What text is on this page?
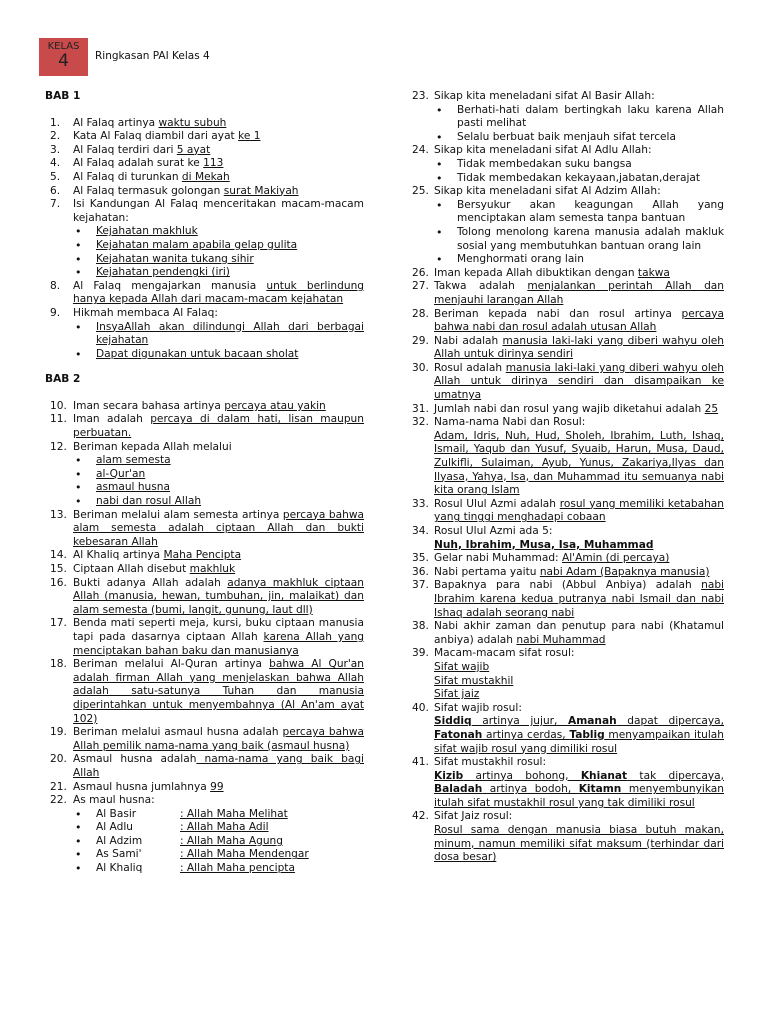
KELAS
4	Ringkasan PAI Kelas 4
BAB 1
1.	Al Falaq artinya waktu subuh
2.	Kata Al Falaq diambil dari ayat ke 1
3.	Al Falaq terdiri dari 5 ayat
4.	Al Falaq adalah surat ke 113
5.	Al Falaq di turunkan di Mekah
6.	Al Falaq termasuk golongan surat Makiyah
7.	Isi Kandungan Al Falaq menceritakan macam-macam kejahatan:
• Kejahatan makhluk
• Kejahatan malam apabila gelap gulita
• Kejahatan wanita tukang sihir
• Kejahatan pendengki (iri)
8.	Al Falaq mengajarkan manusia untuk berlindung hanya kepada Allah dari macam-macam kejahatan
9.	Hikmah membaca Al Falaq:
• InsyaAllah akan dilindungi Allah dari berbagai kejahatan
• Dapat digunakan untuk bacaan sholat
BAB 2
10. Iman secara bahasa artinya percaya atau yakin
11. Iman adalah percaya di dalam hati, lisan maupun perbuatan.
12. Beriman kepada Allah melalui
• alam semesta
• al-Qur'an
• asmaul husna
• nabi dan rosul Allah
13. Beriman melalui alam semesta artinya percaya bahwa alam semesta adalah ciptaan Allah dan bukti kebesaran Allah
14. Al Khaliq artinya Maha Pencipta
15. Ciptaan Allah disebut makhluk
16. Bukti adanya Allah adalah adanya makhluk ciptaan Allah (manusia, hewan, tumbuhan, jin, malaikat) dan alam semesta (bumi, langit, gunung, laut dll)
17. Benda mati seperti meja, kursi, buku ciptaan manusia tapi pada dasarnya ciptaan Allah karena Allah yang menciptakan bahan baku dan manusianya
18. Beriman melalui Al-Quran artinya bahwa Al Qur'an adalah firman Allah yang menjelaskan bahwa Allah adalah satu-satunya Tuhan dan manusia diperintahkan untuk menyembahnya (Al An'am ayat 102)
19. Beriman melalui asmaul husna adalah percaya bahwa Allah pemilik nama-nama yang baik (asmaul husna)
20. Asmaul husna adalah nama-nama yang baik bagi Allah
21. Asmaul husna jumlahnya 99
22. As maul husna:
• Al Basir	: Allah Maha Melihat
• Al Adlu	: Allah Maha Adil
• Al Adzim	: Allah Maha Agung
• As Sami'	: Allah Maha Mendengar
• Al Khaliq	: Allah Maha pencipta
23. Sikap kita meneladani sifat Al Basir Allah:
• Berhati-hati dalam bertingkah laku karena Allah pasti melihat
• Selalu berbuat baik menjauh sifat tercela
24. Sikap kita meneladani sifat Al Adlu Allah:
• Tidak membedakan suku bangsa
• Tidak membedakan kekayaan,jabatan,derajat
25. Sikap kita meneladani sifat Al Adzim Allah:
• Bersyukur akan keagungan Allah yang menciptakan alam semesta tanpa bantuan
• Tolong menolong karena manusia adalah makluk sosial yang membutuhkan bantuan orang lain
• Menghormati orang lain
26. Iman kepada Allah dibuktikan dengan takwa
27. Takwa adalah menjalankan perintah Allah dan menjauhi larangan Allah
28. Beriman kepada nabi dan rosul artinya percaya bahwa nabi dan rosul adalah utusan Allah
29. Nabi adalah manusia laki-laki yang diberi wahyu oleh Allah untuk dirinya sendiri
30. Rosul adalah manusia laki-laki yang diberi wahyu oleh Allah untuk dirinya sendiri dan disampaikan ke umatnya
31. Jumlah nabi dan rosul yang wajib diketahui adalah 25
32. Nama-nama Nabi dan Rosul:
Adam, Idris, Nuh, Hud, Sholeh, Ibrahim, Luth, Ishaq, Ismail, Yaqub dan Yusuf, Syuaib, Harun, Musa, Daud, Zulkifli, Sulaiman, Ayub, Yunus, Zakariya,Ilyas dan Ilyasa, Yahya, Isa, dan Muhammad itu semuanya nabi kita orang Islam
33. Rosul Ulul Azmi adalah rosul yang memiliki ketabahan yang tinggi menghadapi cobaan
34. Rosul Ulul Azmi ada 5:
Nuh, Ibrahim, Musa, Isa, Muhammad
35. Gelar nabi Muhammad: Al'Amin (di percaya)
36. Nabi pertama yaitu nabi Adam (Bapaknya manusia)
37. Bapaknya para nabi (Abbul Anbiya) adalah nabi Ibrahim karena kedua putranya nabi Ismail dan nabi Ishaq adalah seorang nabi
38. Nabi akhir zaman dan penutup para nabi (Khatamul anbiya) adalah nabi Muhammad
39. Macam-macam sifat rosul:
Sifat wajib
Sifat mustakhil
Sifat jaiz
40. Sifat wajib rosul:
Siddiq artinya jujur, Amanah dapat dipercaya, Fatonah artinya cerdas, Tablig menyampaikan itulah sifat wajib rosul yang dimiliki rosul
41. Sifat mustakhil rosul:
Kizib artinya bohong, Khianat tak dipercaya, Baladah artinya bodoh, Kitamn menyembunyikan itulah sifat mustakhil rosul yang tak dimiliki rosul
42. Sifat Jaiz rosul:
Rosul sama dengan manusia biasa butuh makan, minum, namun memiliki sifat maksum (terhindar dari dosa besar)
